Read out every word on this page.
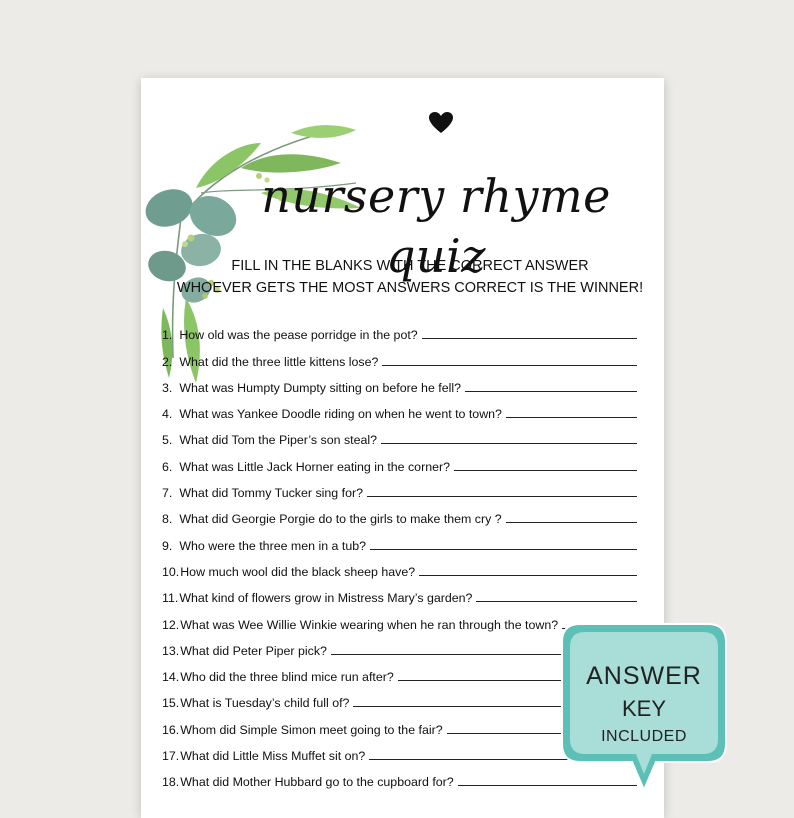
nursery rhyme quiz
FILL IN THE BLANKS WITH THE CORRECT ANSWER
WHOEVER GETS THE MOST ANSWERS CORRECT IS THE WINNER!
1. How old was the pease porridge in the pot?
2. What did the three little kittens lose?
3. What was Humpty Dumpty sitting on before he fell?
4. What was Yankee Doodle riding on when he went to town?
5. What did Tom the Piper’s son steal?
6. What was Little Jack Horner eating in the corner?
7. What did Tommy Tucker sing for?
8. What did Georgie Porgie do to the girls to make them cry ?
9. Who were the three men in a tub?
10. How much wool did the black sheep have?
11. What kind of flowers grow in Mistress Mary’s garden?
12. What was Wee Willie Winkie wearing when he ran through the town?
13. What did Peter Piper pick?
14. Who did the three blind mice run after?
15. What is Tuesday’s child full of?
16. Whom did Simple Simon meet going to the fair?
17. What did Little Miss Muffet sit on?
18. What did Mother Hubbard go to the cupboard for?
ANSWER
KEY
INCLUDED
